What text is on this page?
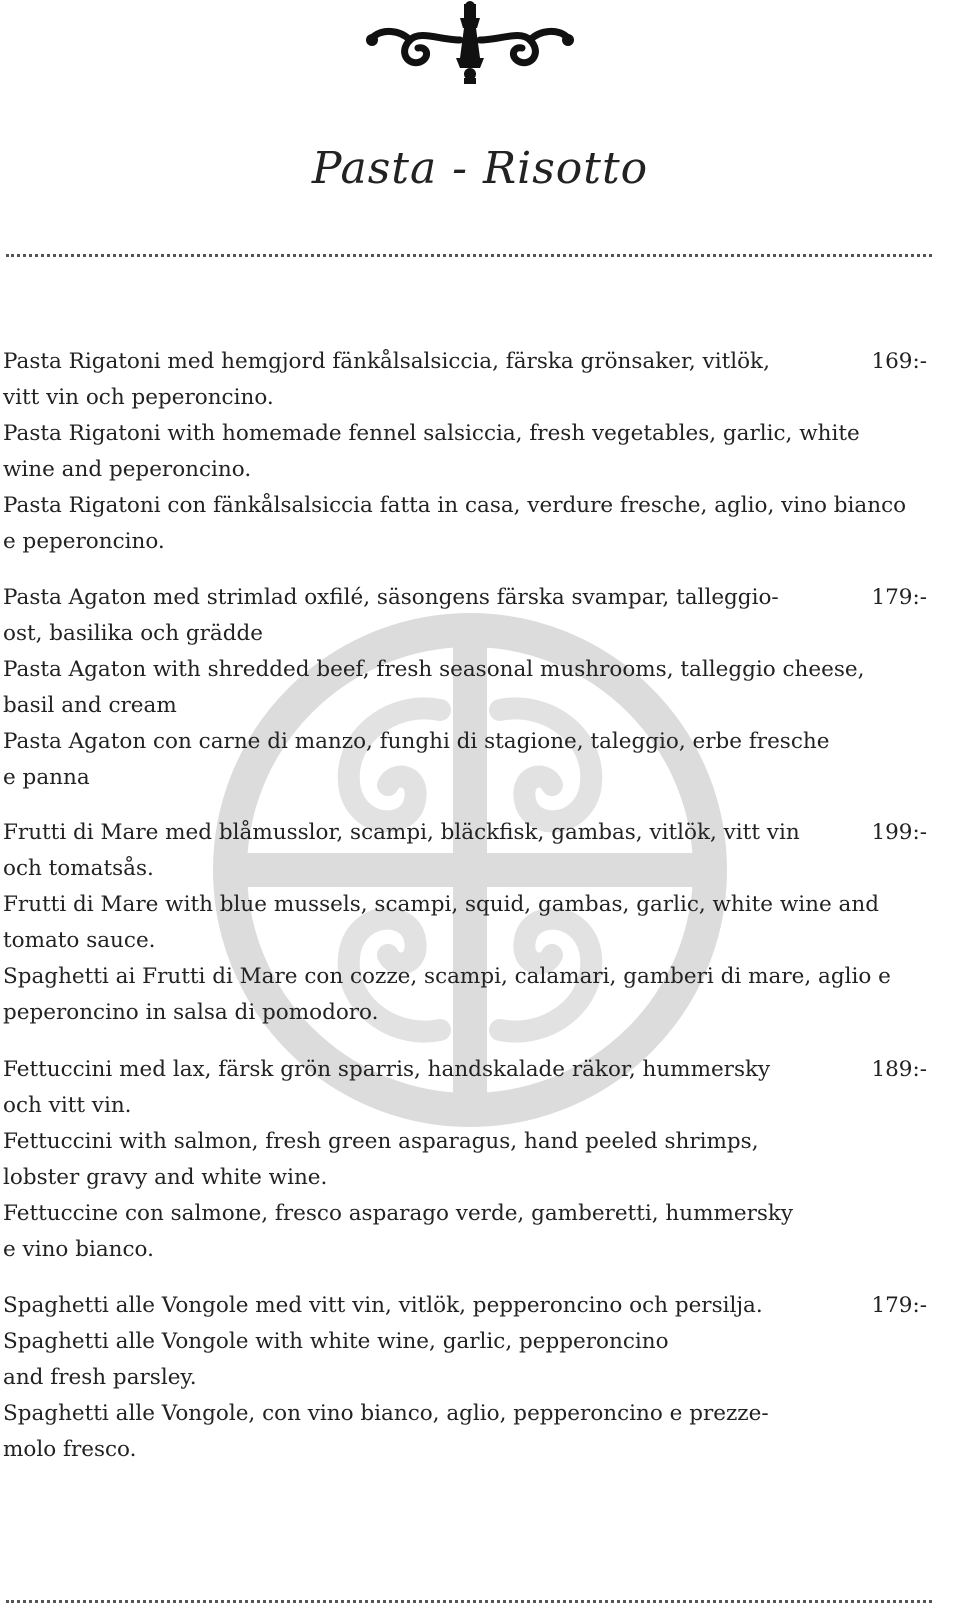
Pasta - Risotto
Pasta Rigatoni med hemgjord fänkålsalsiccia, färska grönsaker, vitlök,
vitt vin och peperoncino.
Pasta Rigatoni with homemade fennel salsiccia, fresh vegetables, garlic, white
wine and peperoncino.
Pasta Rigatoni con fänkålsalsiccia fatta in casa, verdure fresche, aglio, vino bianco
e peperoncino.
169:-
Pasta Agaton med strimlad oxfilé, säsongens färska svampar, talleggio-
ost, basilika och grädde
Pasta Agaton with shredded beef, fresh seasonal mushrooms, talleggio cheese,
basil and cream
Pasta Agaton con carne di manzo, funghi di stagione, taleggio, erbe fresche
e panna
179:-
Frutti di Mare med blåmusslor, scampi, bläckfisk, gambas, vitlök, vitt vin
och tomatsås.
Frutti di Mare with blue mussels, scampi, squid, gambas, garlic, white wine and
tomato sauce.
Spaghetti ai Frutti di Mare con cozze, scampi, calamari, gamberi di mare, aglio e
peperoncino in salsa di pomodoro.
199:-
Fettuccini med lax, färsk grön sparris, handskalade räkor, hummersky
och vitt vin.
Fettuccini with salmon, fresh green asparagus, hand peeled shrimps,
lobster gravy and white wine.
Fettuccine con salmone, fresco asparago verde, gamberetti, hummersky
e vino bianco.
189:-
Spaghetti alle Vongole med vitt vin, vitlök, pepperoncino och persilja.
Spaghetti alle Vongole with white wine, garlic, pepperoncino
and fresh parsley.
Spaghetti alle Vongole, con vino bianco, aglio, pepperoncino e prezze-
molo fresco.
179:-
